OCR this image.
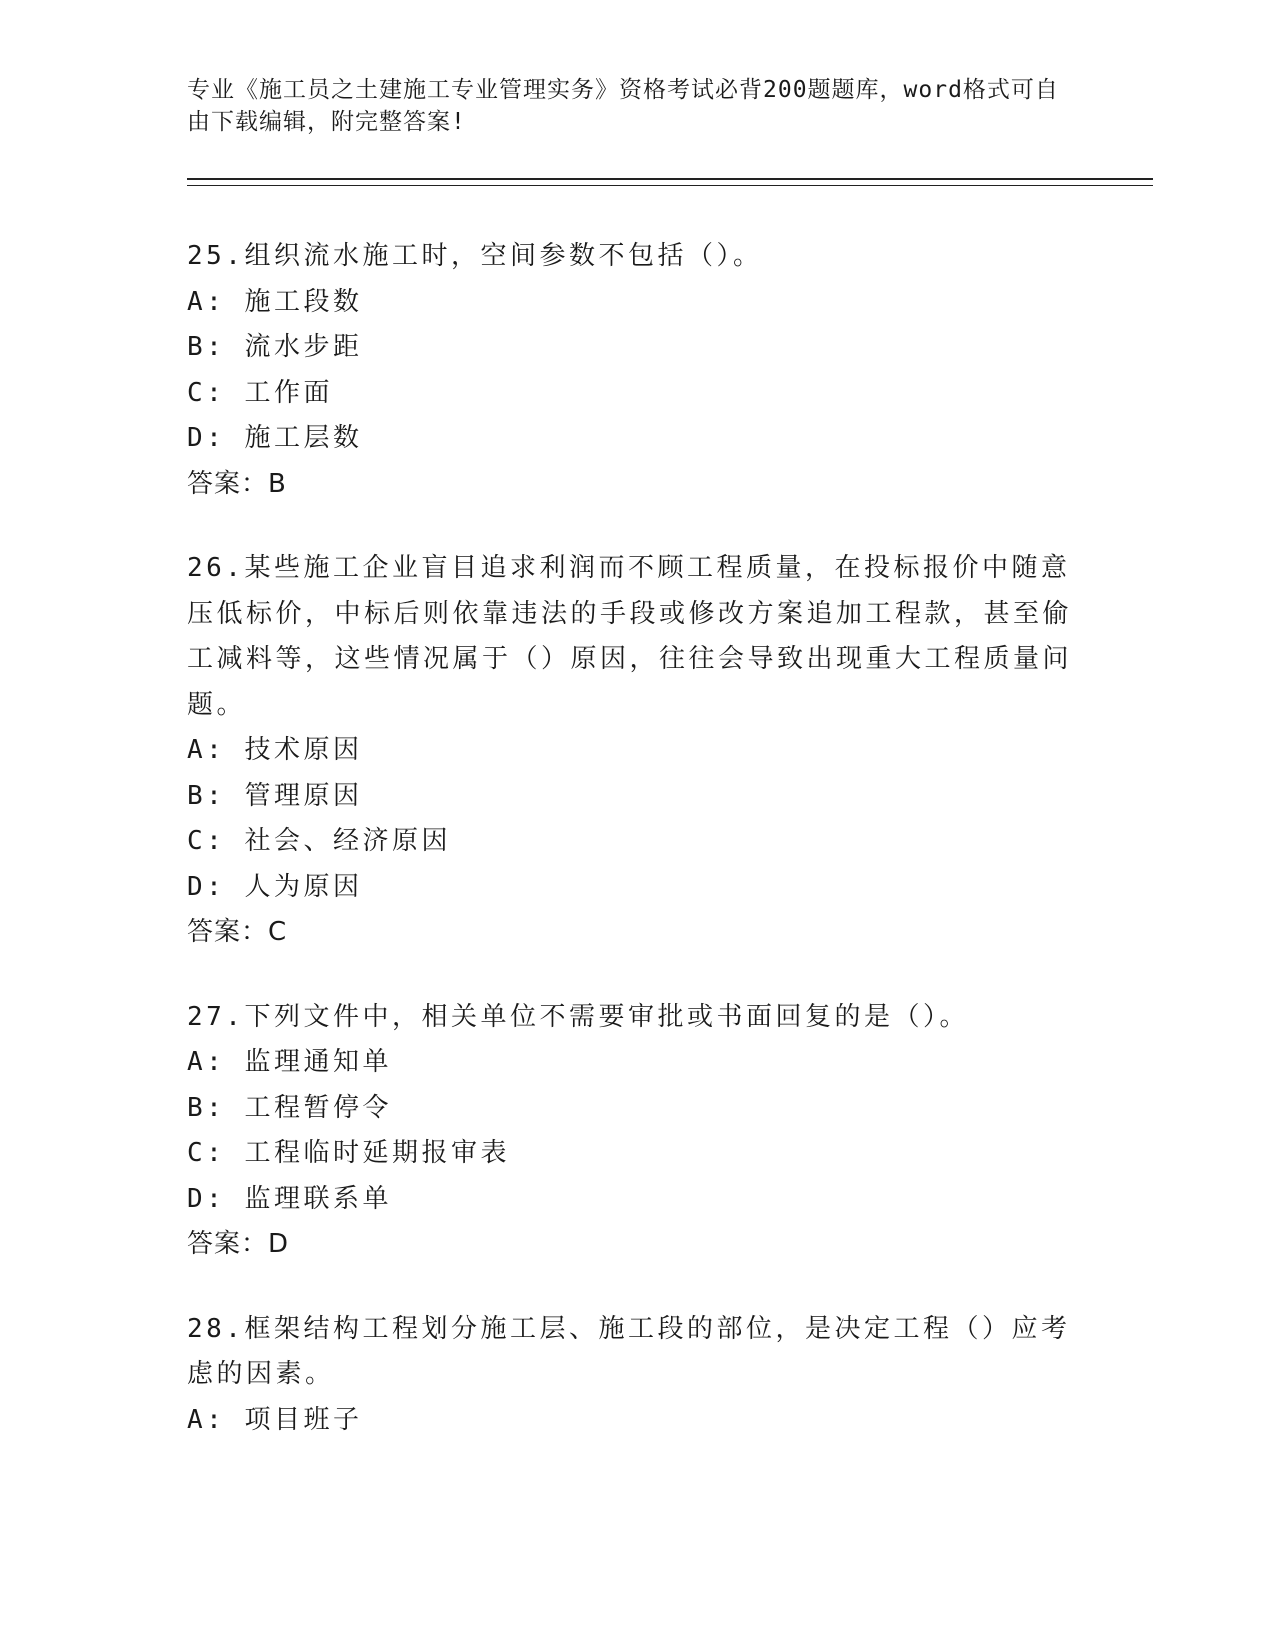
专业《施工员之土建施工专业管理实务》资格考试必背200题题库，word格式可自由下载编辑，附完整答案!

25.组织流水施工时，空间参数不包括（）。

A: 施工段数

B: 流水步距

C: 工作面

D: 施工层数

答案：B

26.某些施工企业盲目追求利润而不顾工程质量，在投标报价中随意压低标价，中标后则依靠违法的手段或修改方案追加工程款，甚至偷工减料等，这些情况属于（）原因，往往会导致出现重大工程质量问题。

A: 技术原因

B: 管理原因

C: 社会、经济原因

D: 人为原因

答案：C

27.下列文件中，相关单位不需要审批或书面回复的是（）。

A: 监理通知单

B: 工程暂停令

C: 工程临时延期报审表

D: 监理联系单

答案：D

28.框架结构工程划分施工层、施工段的部位，是决定工程（）应考虑的因素。

A: 项目班子
